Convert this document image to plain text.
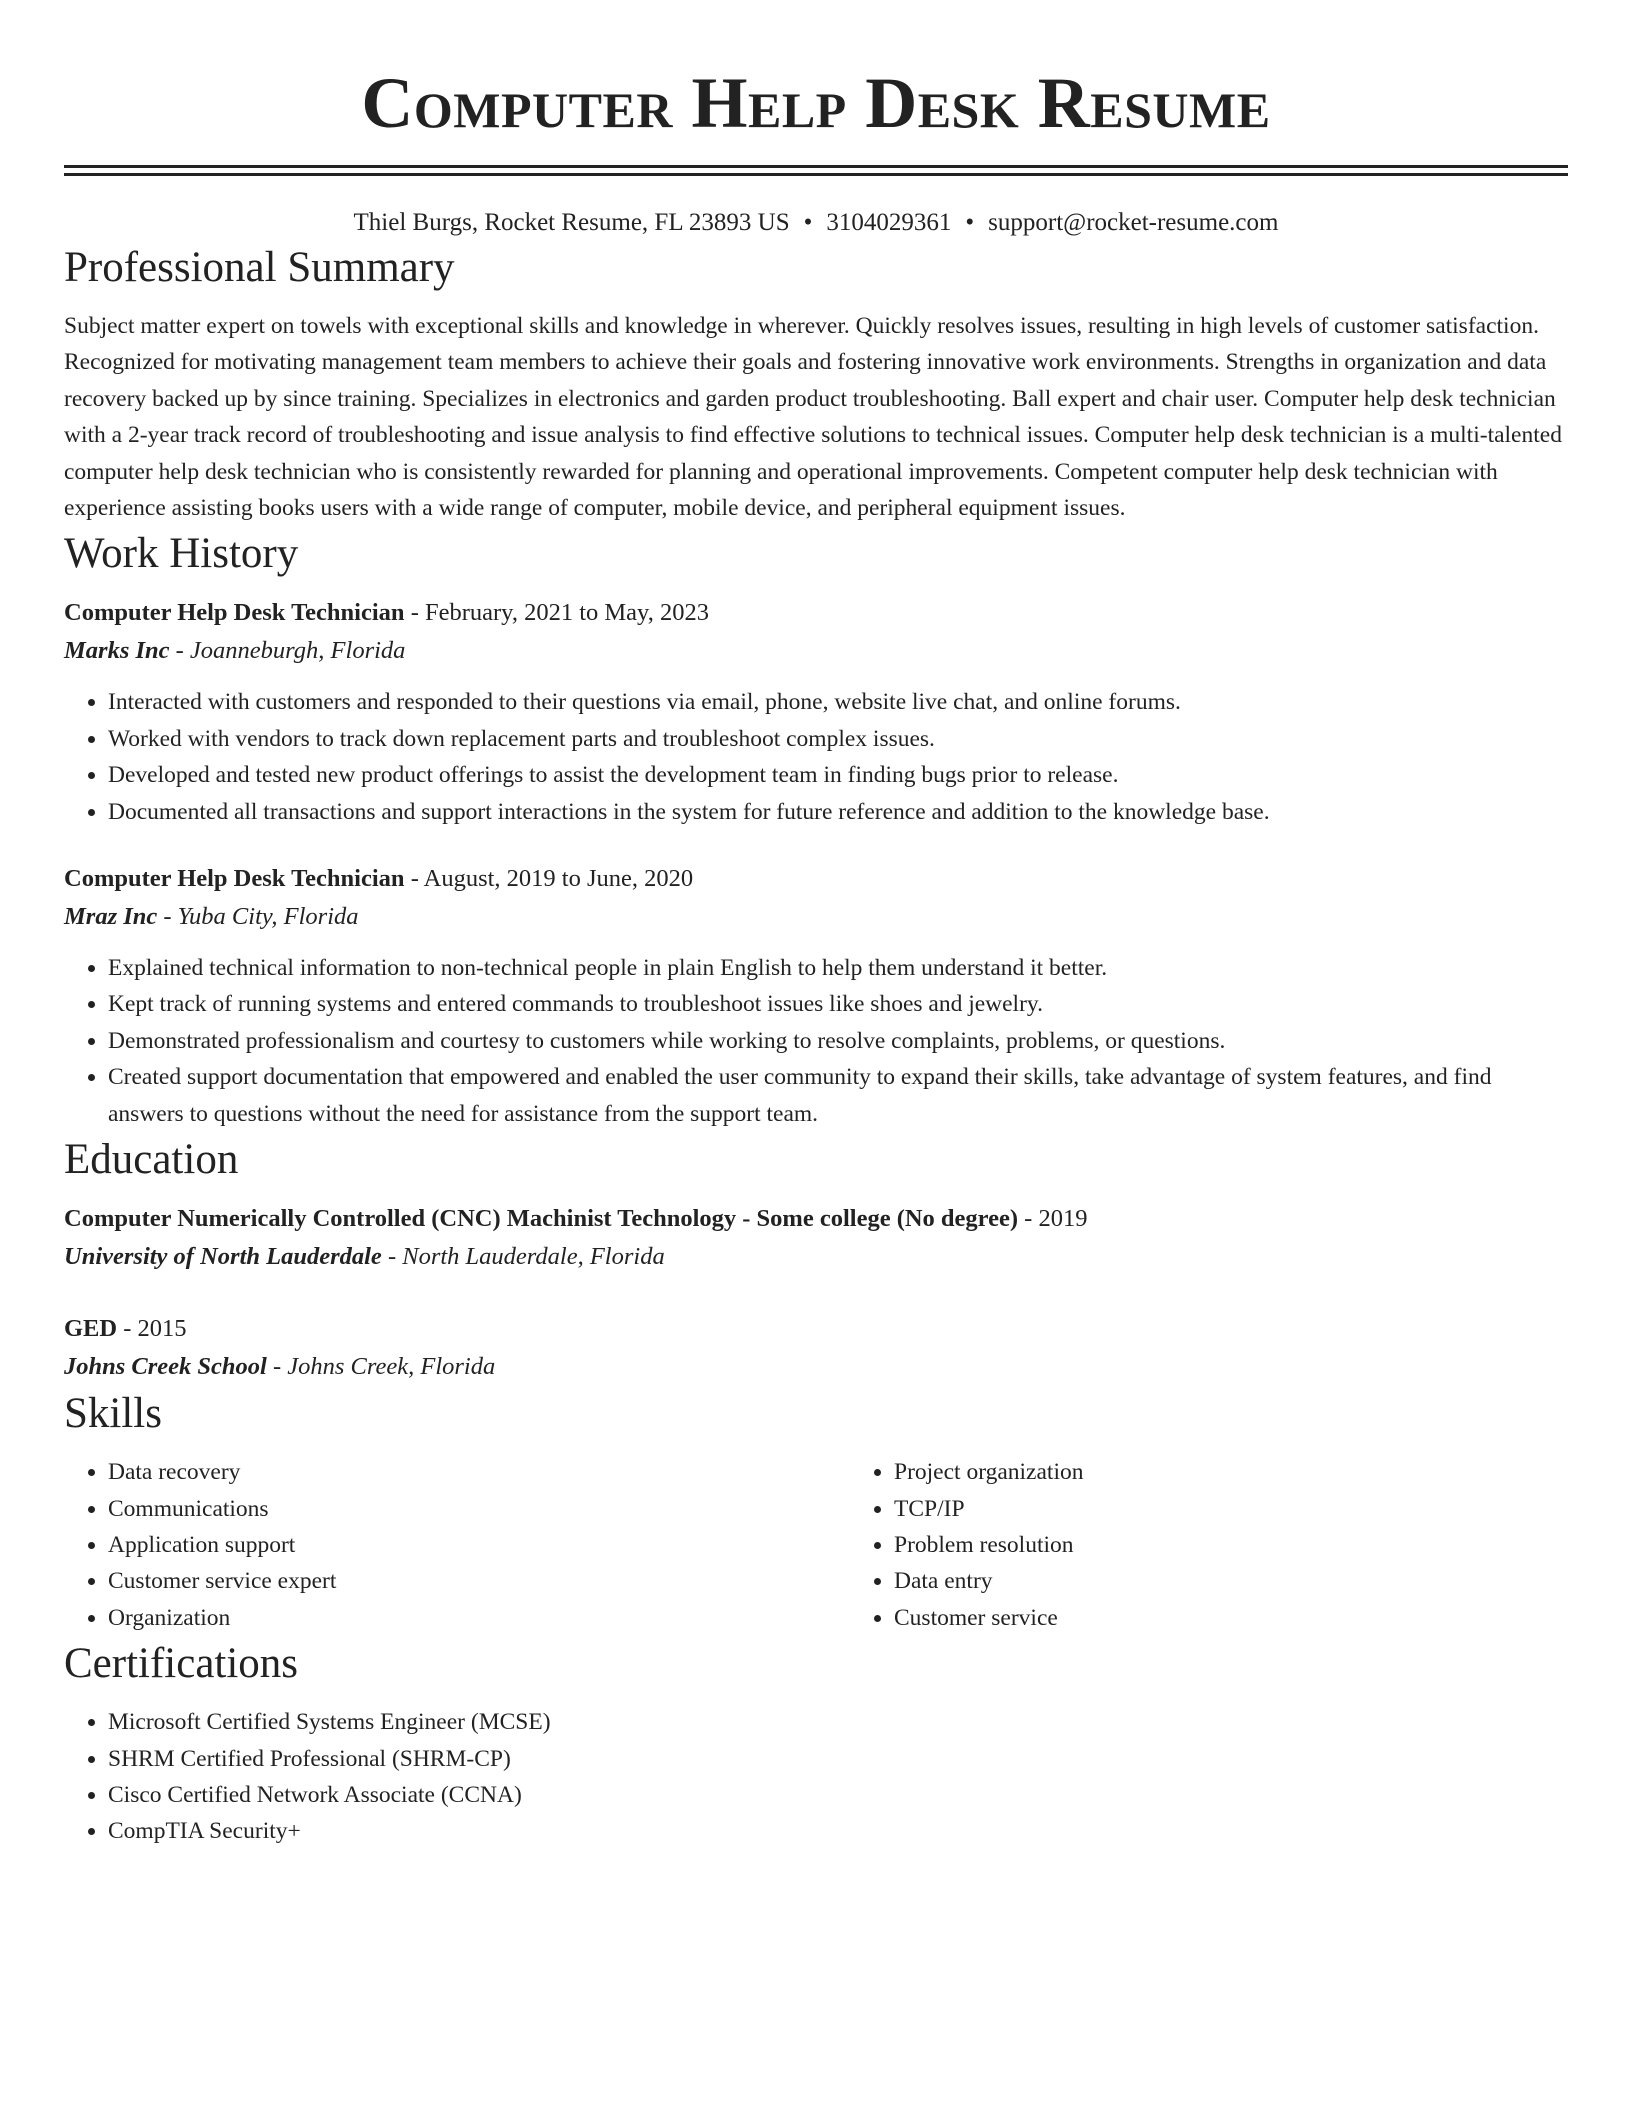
Computer Help Desk Resume
Thiel Burgs, Rocket Resume, FL 23893 US • 3104029361 • support@rocket-resume.com
Professional Summary

Subject matter expert on towels with exceptional skills and knowledge in wherever. Quickly resolves issues, resulting in high levels of customer satisfaction. Recognized for motivating management team members to achieve their goals and fostering innovative work environments. Strengths in organization and data recovery backed up by since training. Specializes in electronics and garden product troubleshooting. Ball expert and chair user. Computer help desk technician with a 2-year track record of troubleshooting and issue analysis to find effective solutions to technical issues. Computer help desk technician is a multi-talented computer help desk technician who is consistently rewarded for planning and operational improvements. Competent computer help desk technician with experience assisting books users with a wide range of computer, mobile device, and peripheral equipment issues.

Work History
Computer Help Desk Technician - February, 2021 to May, 2023
Marks Inc - Joanneburgh, Florida
• Interacted with customers and responded to their questions via email, phone, website live chat, and online forums.
• Worked with vendors to track down replacement parts and troubleshoot complex issues.
• Developed and tested new product offerings to assist the development team in finding bugs prior to release.
• Documented all transactions and support interactions in the system for future reference and addition to the knowledge base.
Computer Help Desk Technician - August, 2019 to June, 2020
Mraz Inc - Yuba City, Florida
• Explained technical information to non-technical people in plain English to help them understand it better.
• Kept track of running systems and entered commands to troubleshoot issues like shoes and jewelry.
• Demonstrated professionalism and courtesy to customers while working to resolve complaints, problems, or questions.
• Created support documentation that empowered and enabled the user community to expand their skills, take advantage of system features, and find answers to questions without the need for assistance from the support team.
Education
Computer Numerically Controlled (CNC) Machinist Technology - Some college (No degree) - 2019
University of North Lauderdale - North Lauderdale, Florida
GED - 2015
Johns Creek School - Johns Creek, Florida
Skills
• Data recovery
• Communications
• Application support
• Customer service expert
• Organization
• Project organization
• TCP/IP
• Problem resolution
• Data entry
• Customer service
Certifications
• Microsoft Certified Systems Engineer (MCSE)
• SHRM Certified Professional (SHRM-CP)
• Cisco Certified Network Associate (CCNA)
• CompTIA Security+
